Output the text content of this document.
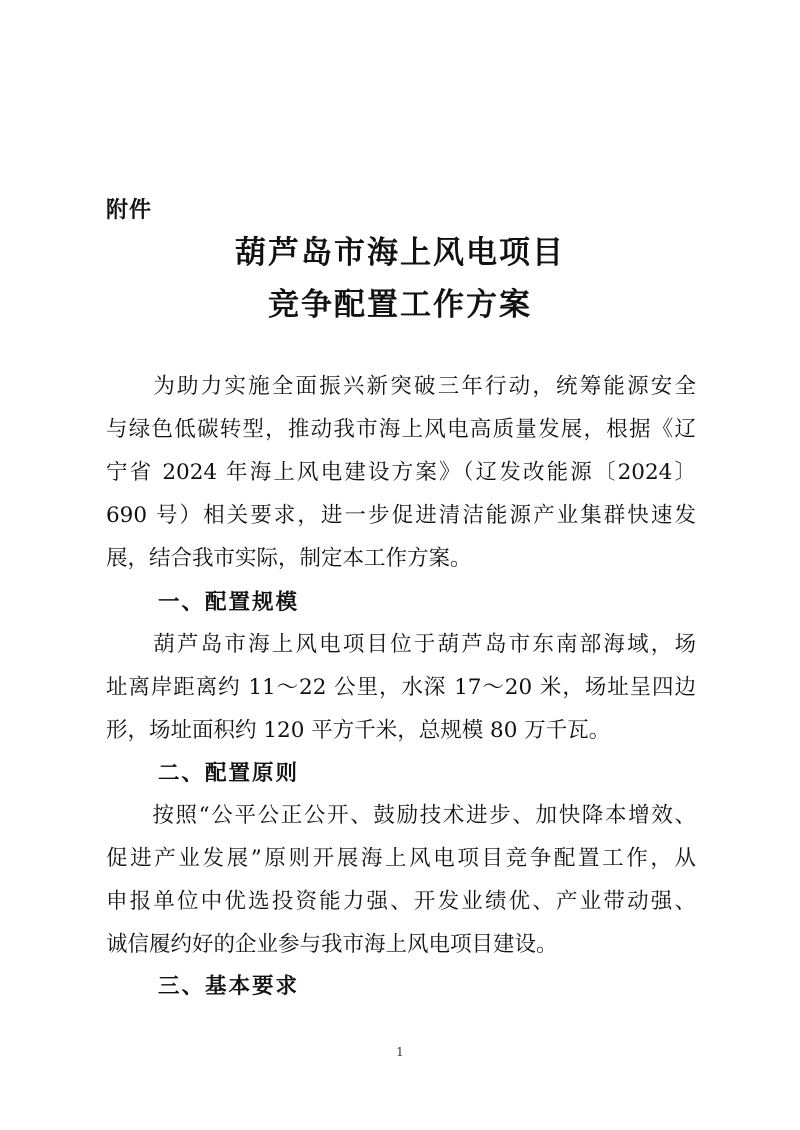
附件
葫芦岛市海上风电项目
竞争配置工作方案
　　为助力实施全面振兴新突破三年行动，统筹能源安全
与绿色低碳转型，推动我市海上风电高质量发展，根据《辽
宁省 2024 年海上风电建设方案》（辽发改能源〔2024〕
690 号）相关要求，进一步促进清洁能源产业集群快速发
展，结合我市实际，制定本工作方案。
一、配置规模
　　葫芦岛市海上风电项目位于葫芦岛市东南部海域，场
址离岸距离约 11～22 公里，水深 17～20 米，场址呈四边
形，场址面积约 120 平方千米，总规模 80 万千瓦。
二、配置原则
　　按照“公平公正公开、鼓励技术进步、加快降本增效、
促进产业发展”原则开展海上风电项目竞争配置工作，从
申报单位中优选投资能力强、开发业绩优、产业带动强、
诚信履约好的企业参与我市海上风电项目建设。
三、基本要求
1
